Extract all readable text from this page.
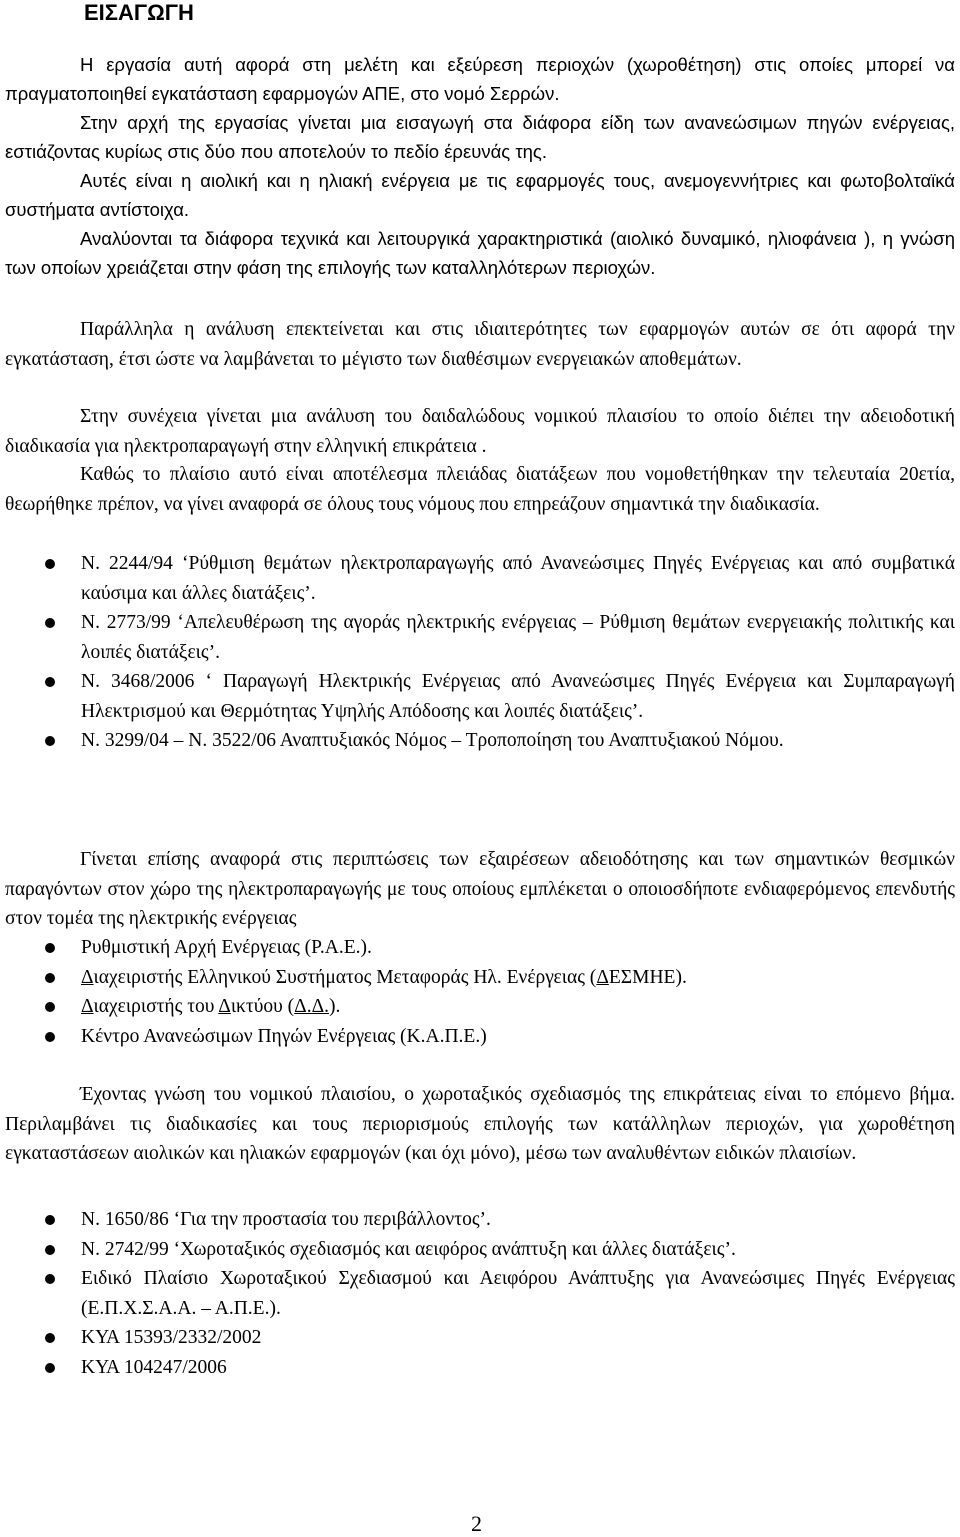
ΕΙΣΑΓΩΓΗ

Η εργασία αυτή αφορά στη μελέτη και εξεύρεση περιοχών (χωροθέτηση) στις οποίες μπορεί να πραγματοποιηθεί εγκατάσταση εφαρμογών ΑΠΕ, στο νομό Σερρών.

Στην αρχή της εργασίας γίνεται μια εισαγωγή στα διάφορα είδη των ανανεώσιμων πηγών ενέργειας, εστιάζοντας κυρίως στις δύο που αποτελούν το πεδίο έρευνάς της.

Αυτές είναι η αιολική και η ηλιακή ενέργεια με τις εφαρμογές τους, ανεμογεννήτριες και φωτοβολταϊκά συστήματα αντίστοιχα.

Αναλύονται τα διάφορα τεχνικά και λειτουργικά χαρακτηριστικά (αιολικό δυναμικό, ηλιοφάνεια ), η γνώση των οποίων χρειάζεται στην φάση της επιλογής των καταλληλότερων περιοχών.

Παράλληλα η ανάλυση επεκτείνεται και στις ιδιαιτερότητες των εφαρμογών αυτών σε ότι αφορά την εγκατάσταση, έτσι ώστε να λαμβάνεται το μέγιστο των διαθέσιμων ενεργειακών αποθεμάτων.

Στην συνέχεια γίνεται μια ανάλυση του δαιδαλώδους νομικού πλαισίου το οποίο διέπει την αδειοδοτική διαδικασία για ηλεκτροπαραγωγή στην ελληνική επικράτεια .

Καθώς το πλαίσιο αυτό είναι αποτέλεσμα πλειάδας διατάξεων που νομοθετήθηκαν την τελευταία 20ετία, θεωρήθηκε πρέπον, να γίνει αναφορά σε όλους τους νόμους που επηρεάζουν σημαντικά την διαδικασία.

Ν. 2244/94 ‘Ρύθμιση θεμάτων ηλεκτροπαραγωγής από Ανανεώσιμες Πηγές Ενέργειας και από συμβατικά καύσιμα και άλλες διατάξεις’.
Ν. 2773/99 ‘Απελευθέρωση της αγοράς ηλεκτρικής ενέργειας – Ρύθμιση θεμάτων ενεργειακής πολιτικής και λοιπές διατάξεις’.
Ν. 3468/2006 ‘ Παραγωγή Ηλεκτρικής Ενέργειας από Ανανεώσιμες Πηγές Ενέργεια και Συμπαραγωγή Ηλεκτρισμού και Θερμότητας Υψηλής Απόδοσης και λοιπές διατάξεις’.
Ν. 3299/04 – Ν. 3522/06 Αναπτυξιακός Νόμος – Τροποποίηση του Αναπτυξιακού Νόμου.

Γίνεται επίσης αναφορά στις περιπτώσεις των εξαιρέσεων αδειοδότησης και των σημαντικών θεσμικών παραγόντων στον χώρο της ηλεκτροπαραγωγής με τους οποίους εμπλέκεται ο οποιοσδήποτε ενδιαφερόμενος επενδυτής στον τομέα της ηλεκτρικής ενέργειας

Ρυθμιστική Αρχή Ενέργειας (Ρ.Α.Ε.).
Διαχειριστής Ελληνικού Συστήματος Μεταφοράς Ηλ. Ενέργειας (ΔΕΣΜΗΕ).
Διαχειριστής του Δικτύου (Δ.Δ.).
Κέντρο Ανανεώσιμων Πηγών Ενέργειας (Κ.Α.Π.Ε.)

Έχοντας γνώση του νομικού πλαισίου, ο χωροταξικός σχεδιασμός της επικράτειας είναι το επόμενο βήμα. Περιλαμβάνει τις διαδικασίες και τους περιορισμούς επιλογής των κατάλληλων περιοχών, για χωροθέτηση εγκαταστάσεων αιολικών και ηλιακών εφαρμογών (και όχι μόνο), μέσω των αναλυθέντων ειδικών πλαισίων.

Ν. 1650/86 ‘Για την προστασία του περιβάλλοντος’.
Ν. 2742/99 ‘Χωροταξικός σχεδιασμός και αειφόρος ανάπτυξη και άλλες διατάξεις’.
Ειδικό Πλαίσιο Χωροταξικού Σχεδιασμού και Αειφόρου Ανάπτυξης για Ανανεώσιμες Πηγές Ενέργειας (Ε.Π.Χ.Σ.Α.Α. – Α.Π.Ε.).
ΚΥΑ 15393/2332/2002
ΚΥΑ 104247/2006
2
